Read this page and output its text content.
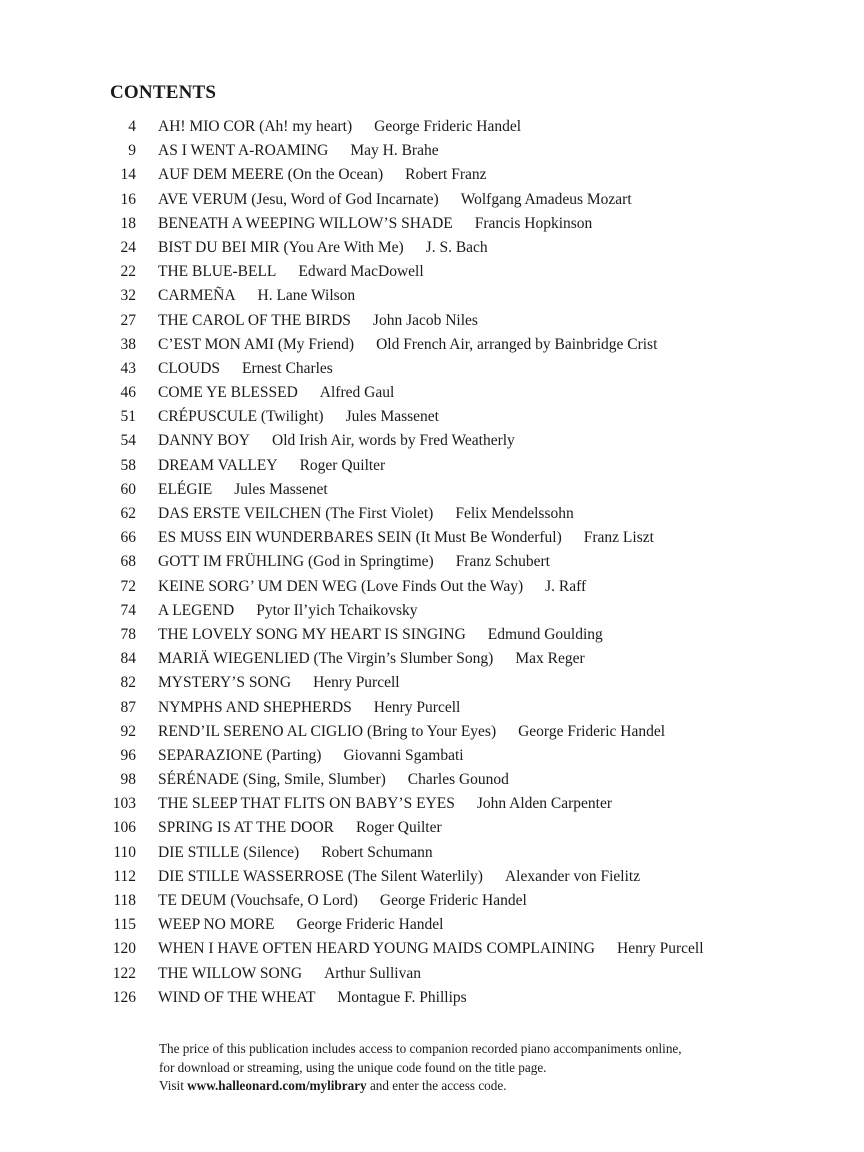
CONTENTS
4 AH! MIO COR (Ah! my heart) George Frideric Handel
9 AS I WENT A-ROAMING May H. Brahe
14 AUF DEM MEERE (On the Ocean) Robert Franz
16 AVE VERUM (Jesu, Word of God Incarnate) Wolfgang Amadeus Mozart
18 BENEATH A WEEPING WILLOW’S SHADE Francis Hopkinson
24 BIST DU BEI MIR (You Are With Me) J. S. Bach
22 THE BLUE-BELL Edward MacDowell
32 CARMEÑA H. Lane Wilson
27 THE CAROL OF THE BIRDS John Jacob Niles
38 C’EST MON AMI (My Friend) Old French Air, arranged by Bainbridge Crist
43 CLOUDS Ernest Charles
46 COME YE BLESSED Alfred Gaul
51 CRÉPUSCULE (Twilight) Jules Massenet
54 DANNY BOY Old Irish Air, words by Fred Weatherly
58 DREAM VALLEY Roger Quilter
60 ELÉGIE Jules Massenet
62 DAS ERSTE VEILCHEN (The First Violet) Felix Mendelssohn
66 ES MUSS EIN WUNDERBARES SEIN (It Must Be Wonderful) Franz Liszt
68 GOTT IM FRÜHLING (God in Springtime) Franz Schubert
72 KEINE SORG’ UM DEN WEG (Love Finds Out the Way) J. Raff
74 A LEGEND Pytor Il’yich Tchaikovsky
78 THE LOVELY SONG MY HEART IS SINGING Edmund Goulding
84 MARIÄ WIEGENLIED (The Virgin’s Slumber Song) Max Reger
82 MYSTERY’S SONG Henry Purcell
87 NYMPHS AND SHEPHERDS Henry Purcell
92 REND’IL SERENO AL CIGLIO (Bring to Your Eyes) George Frideric Handel
96 SEPARAZIONE (Parting) Giovanni Sgambati
98 SÉRÉNADE (Sing, Smile, Slumber) Charles Gounod
103 THE SLEEP THAT FLITS ON BABY’S EYES John Alden Carpenter
106 SPRING IS AT THE DOOR Roger Quilter
110 DIE STILLE (Silence) Robert Schumann
112 DIE STILLE WASSERROSE (The Silent Waterlily) Alexander von Fielitz
118 TE DEUM (Vouchsafe, O Lord) George Frideric Handel
115 WEEP NO MORE George Frideric Handel
120 WHEN I HAVE OFTEN HEARD YOUNG MAIDS COMPLAINING Henry Purcell
122 THE WILLOW SONG Arthur Sullivan
126 WIND OF THE WHEAT Montague F. Phillips

The price of this publication includes access to companion recorded piano accompaniments online,

for download or streaming, using the unique code found on the title page.

Visit www.halleonard.com/mylibrary and enter the access code.
